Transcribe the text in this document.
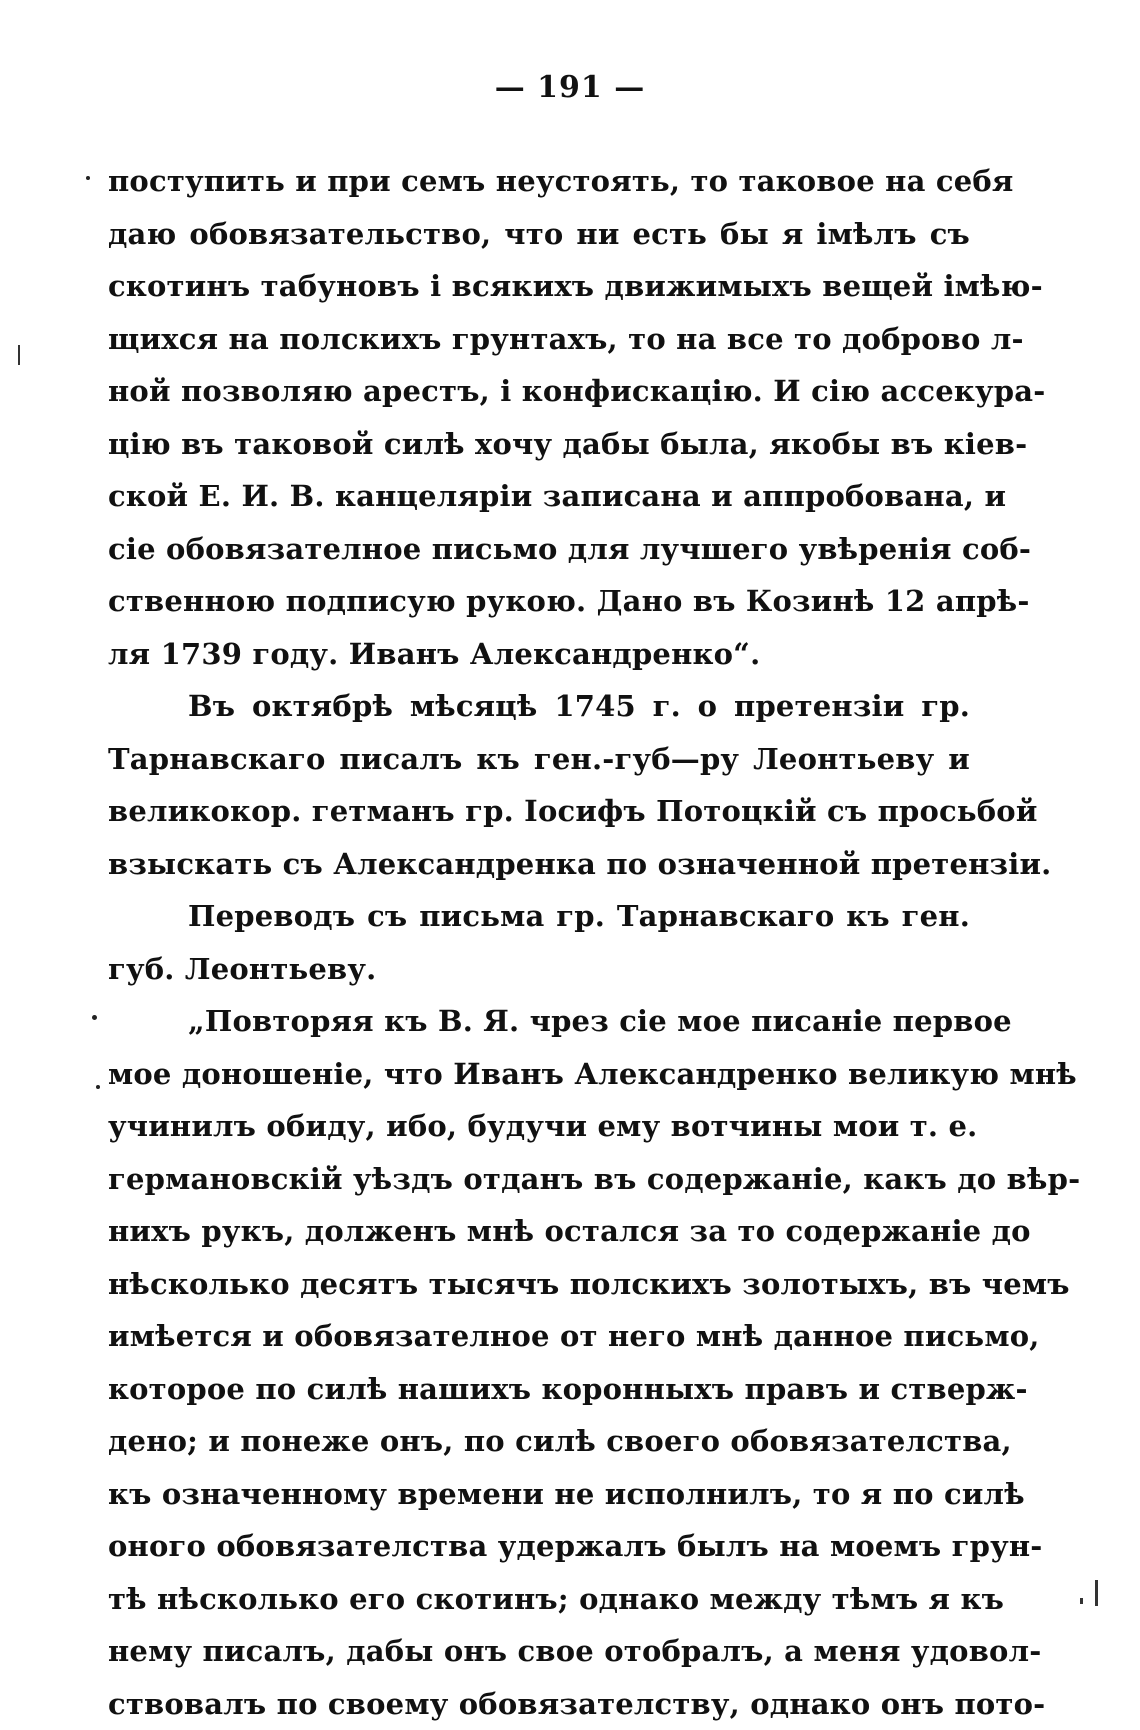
— 191 —
поступить и при семъ неустоять, то таковое на себя
даю обовязательство, что ни есть бы я імѣлъ съ
скотинъ табуновъ і всякихъ движимыхъ вещей імѣю-
щихся на полскихъ грунтахъ, то на все то доброво л-
ной позволяю арестъ, і конфискацію. И сію ассекура-
цію въ таковой силѣ хочу дабы была, якобы въ кіев-
ской Е. И. В. канцеляріи записана и аппробована, и
сіе обовязателное письмо для лучшего увѣренія соб-
ственною подписую рукою. Дано въ Козинѣ 12 апрѣ-
ля 1739 году. Иванъ Александренко“.
Въ октябрѣ мѣсяцѣ 1745 г. о претензіи гр.
Тарнавскаго писалъ къ ген.-губ—ру Леонтьеву и
великокор. гетманъ гр. Іосифъ Потоцкій съ просьбой
взыскать съ Александренка по означенной претензіи.
Переводъ съ письма гр. Тарнавскаго къ ген.
губ. Леонтьеву.
„Повторяя къ В. Я. чрез сіе мое писаніе первое
мое доношеніе, что Иванъ Александренко великую мнѣ
учинилъ обиду, ибо, будучи ему вотчины мои т. е.
германовскій уѣздъ отданъ въ содержаніе, какъ до вѣр-
нихъ рукъ, долженъ мнѣ остался за то содержаніе до
нѣсколько десятъ тысячъ полскихъ золотыхъ, въ чемъ
имѣется и обовязателное от него мнѣ данное письмо,
которое по силѣ нашихъ коронныхъ правъ и стверж-
дено; и понеже онъ, по силѣ своего обовязателства,
къ означенному времени не исполнилъ, то я по силѣ
оного обовязателства удержалъ былъ на моемъ грун-
тѣ нѣсколько его скотинъ; однако между тѣмъ я къ
нему писалъ, дабы онъ свое отобралъ, а меня удовол-
ствовалъ по своему обовязателству, однако онъ пото-
